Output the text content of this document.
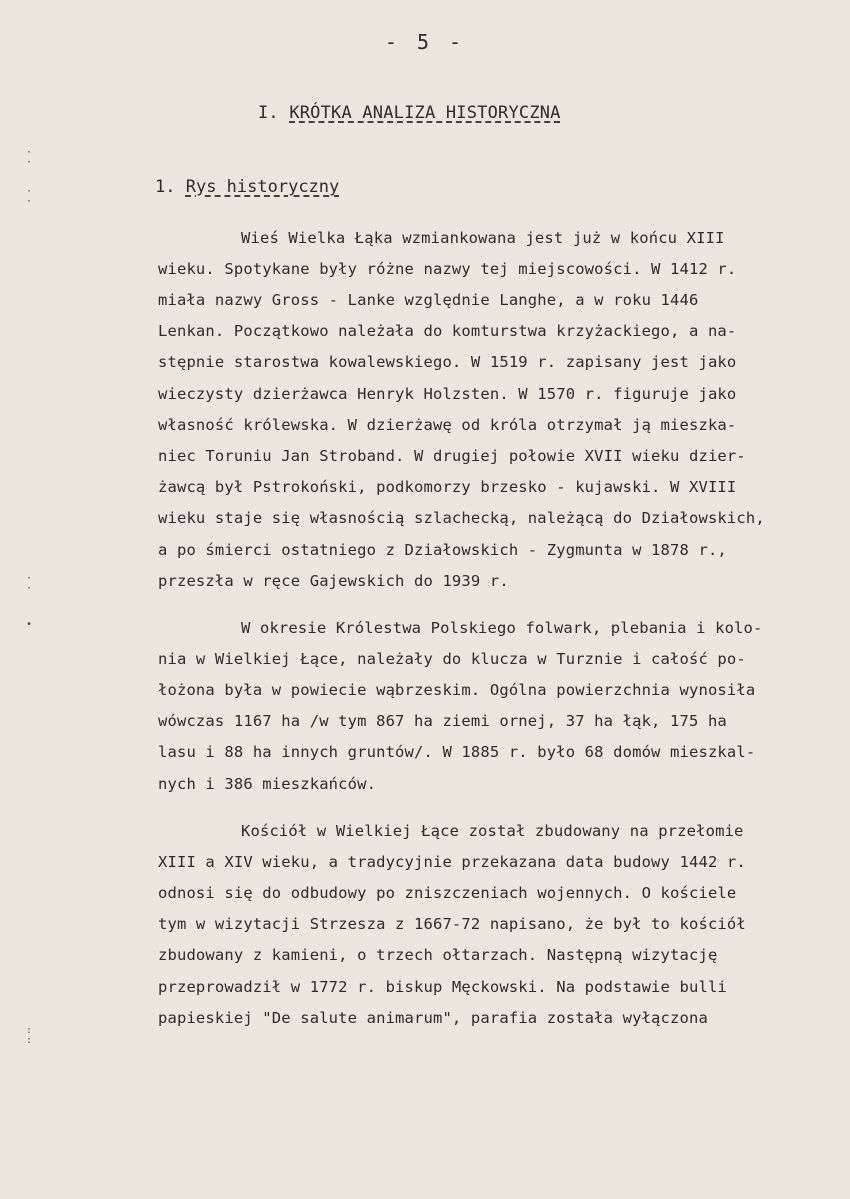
- 5 -
I. KRÓTKA ANALIZA HISTORYCZNA
1. Rys historyczny
Wieś Wielka Łąka wzmiankowana jest już w końcu XIII
wieku. Spotykane były różne nazwy tej miejscowości. W 1412 r.
miała nazwy Gross - Lanke względnie Langhe, a w roku 1446
Lenkan. Początkowo należała do komturstwa krzyżackiego, a na-
stępnie starostwa kowalewskiego. W 1519 r. zapisany jest jako
wieczysty dzierżawca Henryk Holzsten. W 1570 r. figuruje jako
własność królewska. W dzierżawę od króla otrzymał ją mieszka-
niec Toruniu Jan Stroband. W drugiej połowie XVII wieku dzier-
żawcą był Pstrokoński, podkomorzy brzesko - kujawski. W XVIII
wieku staje się własnością szlachecką, należącą do Działowskich,
a po śmierci ostatniego z Działowskich - Zygmunta w 1878 r.,
przeszła w ręce Gajewskich do 1939 r.
W okresie Królestwa Polskiego folwark, plebania i kolo-
nia w Wielkiej Łące, należały do klucza w Turznie i całość po-
łożona była w powiecie wąbrzeskim. Ogólna powierzchnia wynosiła
wówczas 1167 ha /w tym 867 ha ziemi ornej, 37 ha łąk, 175 ha
lasu i 88 ha innych gruntów/. W 1885 r. było 68 domów mieszkal-
nych i 386 mieszkańców.
Kościół w Wielkiej Łące został zbudowany na przełomie
XIII a XIV wieku, a tradycyjnie przekazana data budowy 1442 r.
odnosi się do odbudowy po zniszczeniach wojennych. O kościele
tym w wizytacji Strzesza z 1667-72 napisano, że był to kościół
zbudowany z kamieni, o trzech ołtarzach. Następną wizytację
przeprowadził w 1772 r. biskup Męckowski. Na podstawie bulli
papieskiej "De salute animarum", parafia została wyłączona
·
·
·
·
·
·
•
:
:
